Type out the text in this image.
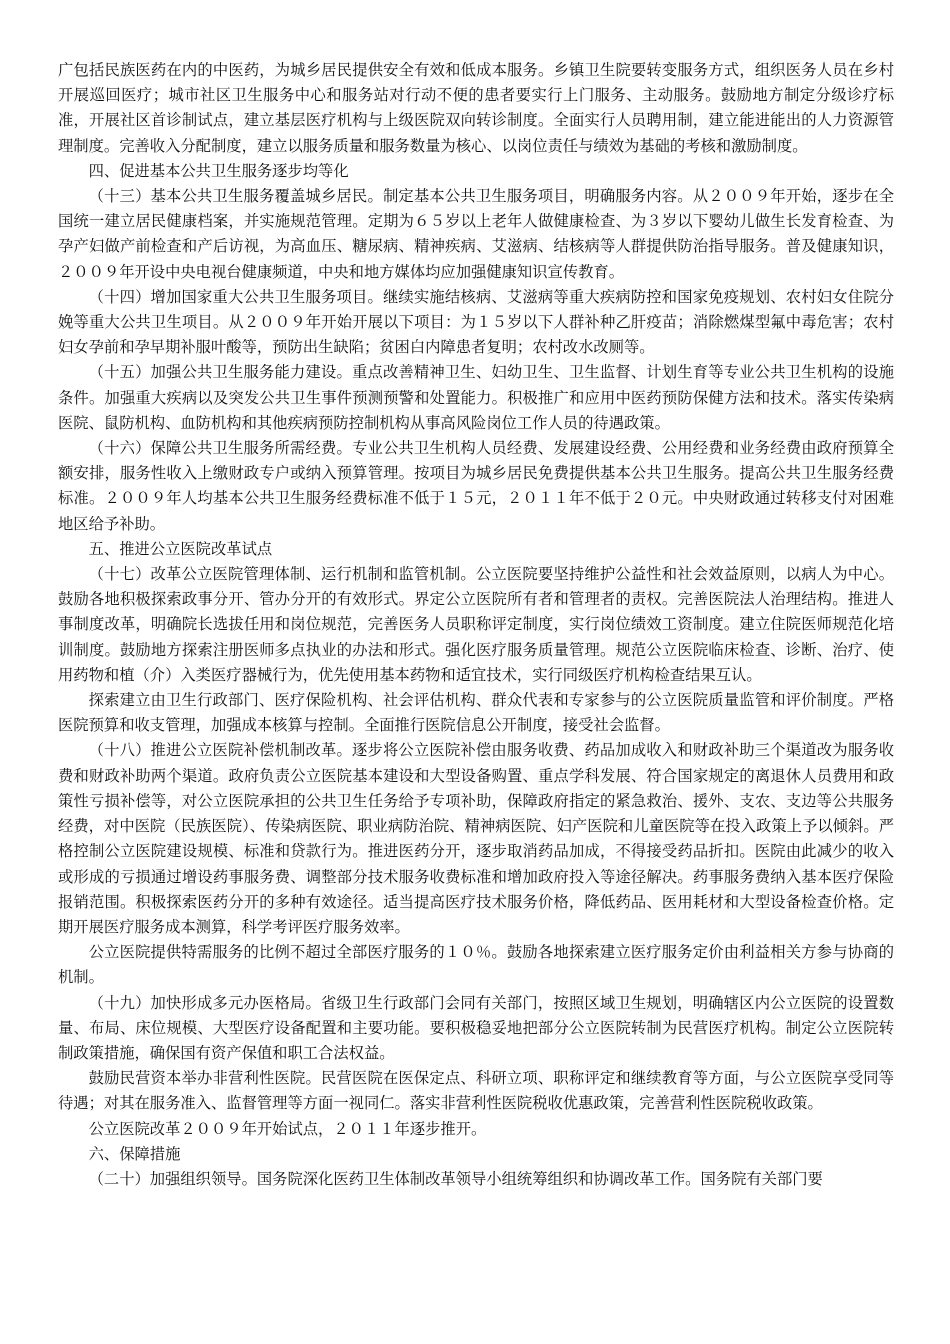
广包括民族医药在内的中医药，为城乡居民提供安全有效和低成本服务。乡镇卫生院要转变服务方式，组织医务人员在乡村开展巡回医疗；城市社区卫生服务中心和服务站对行动不便的患者要实行上门服务、主动服务。鼓励地方制定分级诊疗标准，开展社区首诊制试点，建立基层医疗机构与上级医院双向转诊制度。全面实行人员聘用制，建立能进能出的人力资源管理制度。完善收入分配制度，建立以服务质量和服务数量为核心、以岗位责任与绩效为基础的考核和激励制度。

四、促进基本公共卫生服务逐步均等化

（十三）基本公共卫生服务覆盖城乡居民。制定基本公共卫生服务项目，明确服务内容。从２００９年开始，逐步在全国统一建立居民健康档案，并实施规范管理。定期为６５岁以上老年人做健康检查、为３岁以下婴幼儿做生长发育检查、为孕产妇做产前检查和产后访视，为高血压、糖尿病、精神疾病、艾滋病、结核病等人群提供防治指导服务。普及健康知识，２００９年开设中央电视台健康频道，中央和地方媒体均应加强健康知识宣传教育。

（十四）增加国家重大公共卫生服务项目。继续实施结核病、艾滋病等重大疾病防控和国家免疫规划、农村妇女住院分娩等重大公共卫生项目。从２００９年开始开展以下项目：为１５岁以下人群补种乙肝疫苗；消除燃煤型氟中毒危害；农村妇女孕前和孕早期补服叶酸等，预防出生缺陷；贫困白内障患者复明；农村改水改厕等。

（十五）加强公共卫生服务能力建设。重点改善精神卫生、妇幼卫生、卫生监督、计划生育等专业公共卫生机构的设施条件。加强重大疾病以及突发公共卫生事件预测预警和处置能力。积极推广和应用中医药预防保健方法和技术。落实传染病医院、鼠防机构、血防机构和其他疾病预防控制机构从事高风险岗位工作人员的待遇政策。

（十六）保障公共卫生服务所需经费。专业公共卫生机构人员经费、发展建设经费、公用经费和业务经费由政府预算全额安排，服务性收入上缴财政专户或纳入预算管理。按项目为城乡居民免费提供基本公共卫生服务。提高公共卫生服务经费标准。２００９年人均基本公共卫生服务经费标准不低于１５元，２０１１年不低于２０元。中央财政通过转移支付对困难地区给予补助。

五、推进公立医院改革试点

（十七）改革公立医院管理体制、运行机制和监管机制。公立医院要坚持维护公益性和社会效益原则，以病人为中心。鼓励各地积极探索政事分开、管办分开的有效形式。界定公立医院所有者和管理者的责权。完善医院法人治理结构。推进人事制度改革，明确院长选拔任用和岗位规范，完善医务人员职称评定制度，实行岗位绩效工资制度。建立住院医师规范化培训制度。鼓励地方探索注册医师多点执业的办法和形式。强化医疗服务质量管理。规范公立医院临床检查、诊断、治疗、使用药物和植（介）入类医疗器械行为，优先使用基本药物和适宜技术，实行同级医疗机构检查结果互认。

探索建立由卫生行政部门、医疗保险机构、社会评估机构、群众代表和专家参与的公立医院质量监管和评价制度。严格医院预算和收支管理，加强成本核算与控制。全面推行医院信息公开制度，接受社会监督。

（十八）推进公立医院补偿机制改革。逐步将公立医院补偿由服务收费、药品加成收入和财政补助三个渠道改为服务收费和财政补助两个渠道。政府负责公立医院基本建设和大型设备购置、重点学科发展、符合国家规定的离退休人员费用和政策性亏损补偿等，对公立医院承担的公共卫生任务给予专项补助，保障政府指定的紧急救治、援外、支农、支边等公共服务经费，对中医院（民族医院）、传染病医院、职业病防治院、精神病医院、妇产医院和儿童医院等在投入政策上予以倾斜。严格控制公立医院建设规模、标准和贷款行为。推进医药分开，逐步取消药品加成，不得接受药品折扣。医院由此减少的收入或形成的亏损通过增设药事服务费、调整部分技术服务收费标准和增加政府投入等途径解决。药事服务费纳入基本医疗保险报销范围。积极探索医药分开的多种有效途径。适当提高医疗技术服务价格，降低药品、医用耗材和大型设备检查价格。定期开展医疗服务成本测算，科学考评医疗服务效率。

公立医院提供特需服务的比例不超过全部医疗服务的１０％。鼓励各地探索建立医疗服务定价由利益相关方参与协商的机制。

（十九）加快形成多元办医格局。省级卫生行政部门会同有关部门，按照区域卫生规划，明确辖区内公立医院的设置数量、布局、床位规模、大型医疗设备配置和主要功能。要积极稳妥地把部分公立医院转制为民营医疗机构。制定公立医院转制政策措施，确保国有资产保值和职工合法权益。

鼓励民营资本举办非营利性医院。民营医院在医保定点、科研立项、职称评定和继续教育等方面，与公立医院享受同等待遇；对其在服务准入、监督管理等方面一视同仁。落实非营利性医院税收优惠政策，完善营利性医院税收政策。

公立医院改革２００９年开始试点，２０１１年逐步推开。

六、保障措施

（二十）加强组织领导。国务院深化医药卫生体制改革领导小组统筹组织和协调改革工作。国务院有关部门要
